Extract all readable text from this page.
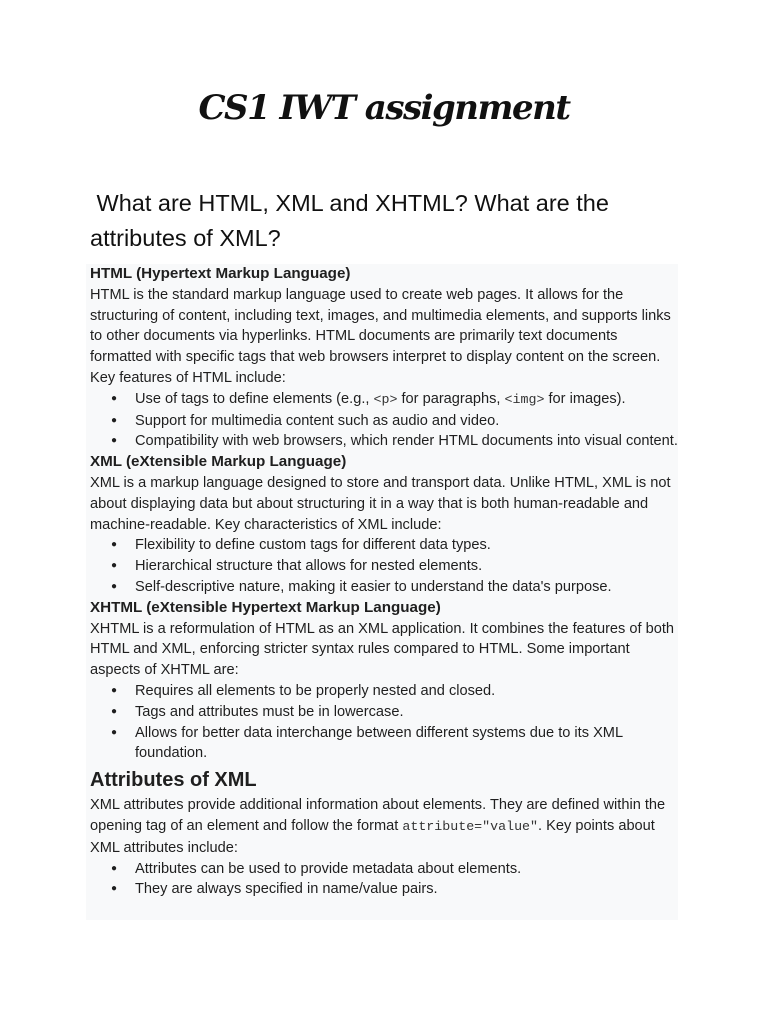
CS1 IWT assignment
What are HTML, XML and XHTML? What are the attributes of XML?
HTML (Hypertext Markup Language)

HTML is the standard markup language used to create web pages. It allows for the structuring of content, including text, images, and multimedia elements, and supports links to other documents via hyperlinks. HTML documents are primarily text documents formatted with specific tags that web browsers interpret to display content on the screen. Key features of HTML include:

● Use of tags to define elements (e.g., <p> for paragraphs, <img> for images).
● Support for multimedia content such as audio and video.
● Compatibility with web browsers, which render HTML documents into visual content.
XML (eXtensible Markup Language)

XML is a markup language designed to store and transport data. Unlike HTML, XML is not about displaying data but about structuring it in a way that is both human-readable and machine-readable. Key characteristics of XML include:

● Flexibility to define custom tags for different data types.
● Hierarchical structure that allows for nested elements.
● Self-descriptive nature, making it easier to understand the data's purpose.
XHTML (eXtensible Hypertext Markup Language)

XHTML is a reformulation of HTML as an XML application. It combines the features of both HTML and XML, enforcing stricter syntax rules compared to HTML. Some important aspects of XHTML are:

● Requires all elements to be properly nested and closed.
● Tags and attributes must be in lowercase.
● Allows for better data interchange between different systems due to its XML foundation.
Attributes of XML

XML attributes provide additional information about elements. They are defined within the opening tag of an element and follow the format attribute="value". Key points about XML attributes include:

● Attributes can be used to provide metadata about elements.
● They are always specified in name/value pairs.
